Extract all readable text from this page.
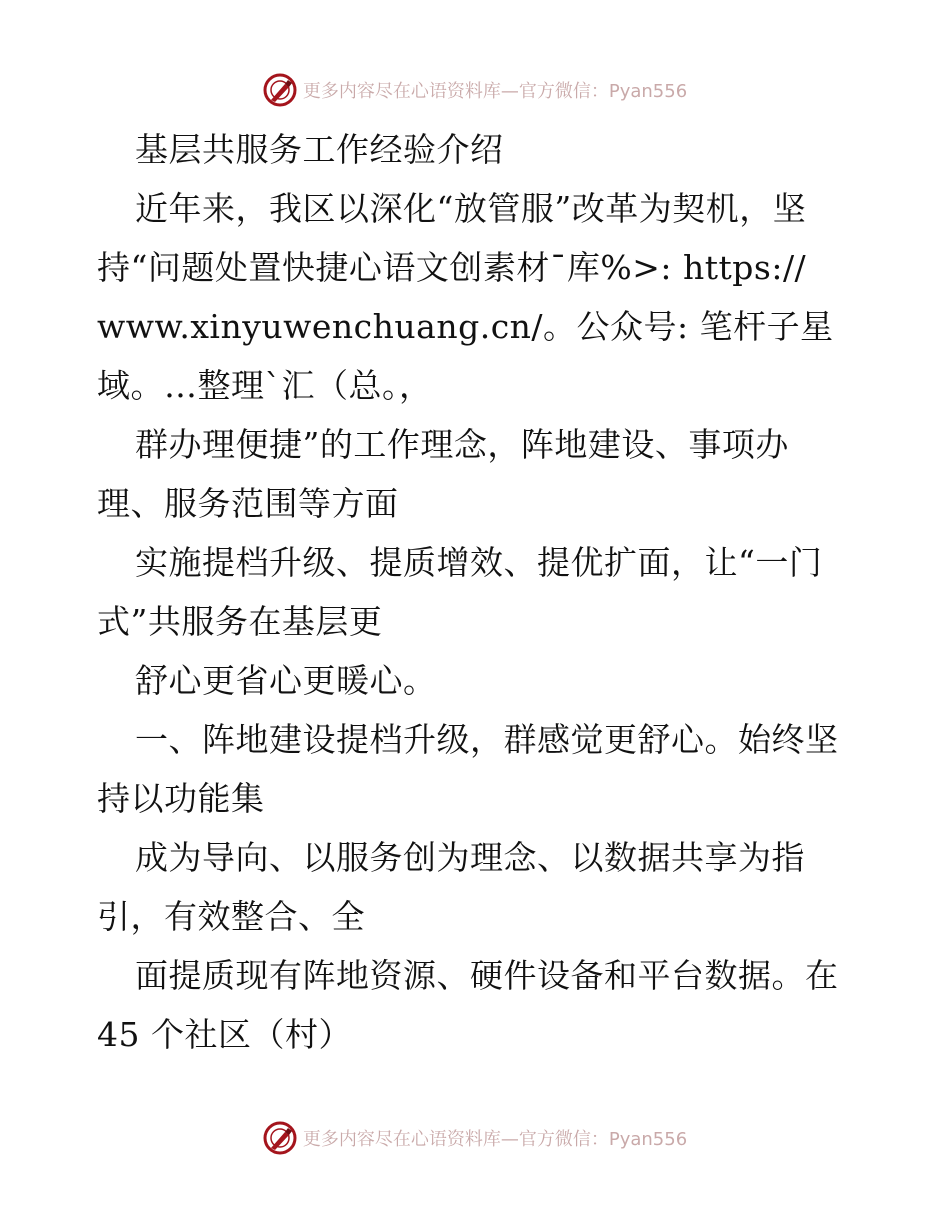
更多内容尽在心语资料库—官方微信：Pyan556
基层共服务工作经验介绍
近年来，我区以深化“放管服”改革为契机，坚
持“问题处置快捷心语文创素材¯库%>: https://
www.xinyuwenchuang.cn/。公众号: 笔杆子星
域。…整理`汇（总。，
群办理便捷”的工作理念，阵地建设、事项办
理、服务范围等方面
实施提档升级、提质增效、提优扩面，让“一门
式”共服务在基层更
舒心更省心更暖心。
一、阵地建设提档升级，群感觉更舒心。始终坚
持以功能集
成为导向、以服务创为理念、以数据共享为指
引，有效整合、全
面提质现有阵地资源、硬件设备和平台数据。在
45 个社区（村）
更多内容尽在心语资料库—官方微信：Pyan556
